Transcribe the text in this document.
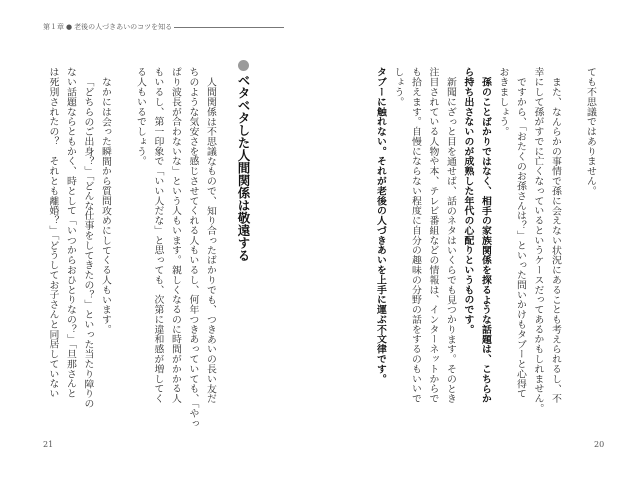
第１章 ● 老後の人づきあいのコツを知る
ベタベタした人間関係は敬遠する
人間関係は不思議なもので、知り合ったばかりでも、つきあいの長い友だ
ちのような気安さを感じさせてくれる人もいるし、何年つきあっていても、「やっ
ぱり波長が合わないな」という人もいます。親しくなるのに時間がかかる人
もいるし、第一印象で「いい人だな」と思っても、次第に違和感が増してく
る人もいるでしょう。
なかには会った瞬間から質問攻めにしてくる人もいます。
「どちらのご出身？」「どんな仕事をしてきたの？」といった当たり障りの
ない話題ならともかく、時として「いつからおひとりなの？」「旦那さんと
は死別されたの？　それとも離婚？」「どうしてお子さんと同居していない
21
ても不思議ではありません。
また、なんらかの事情で孫に会えない状況にあることも考えられるし、不
幸にして孫がすでに亡くなっているというケースだってあるかもしれません。
ですから、「おたくのお孫さんは？」といった問いかけもタブーと心得て
おきましょう。
孫のことばかりではなく、相手の家族関係を探るような話題は、こちらか
ら持ち出さないのが成熟した年代の心配りというものです。
新聞にざっと目を通せば、話のネタはいくらでも見つかります。そのとき
注目されている人物や本、テレビ番組などの情報は、インターネットからで
も拾えます。自慢にならない程度に自分の趣味の分野の話をするのもいいで
しょう。
タブーに触れない。それが老後の人づきあいを上手に運ぶ不文律です。
20
